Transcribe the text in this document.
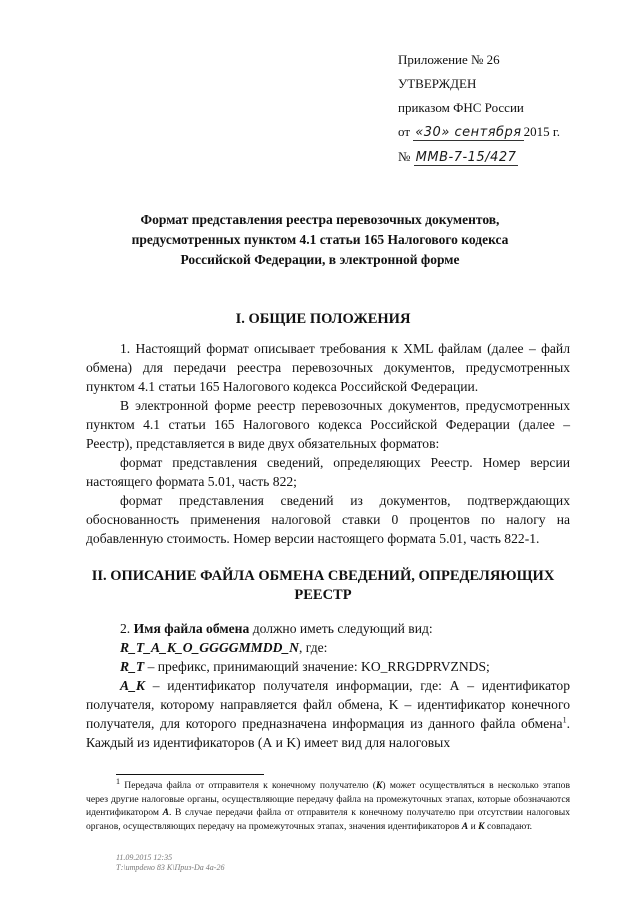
Приложение № 26
УТВЕРЖДЕН
приказом ФНС России
от «30» сентября 2015 г.
№ ММВ-7-15/427
Формат представления реестра перевозочных документов,
предусмотренных пунктом 4.1 статьи 165 Налогового кодекса
Российской Федерации, в электронной форме
I. ОБЩИЕ ПОЛОЖЕНИЯ

1. Настоящий формат описывает требования к XML файлам (далее – файл обмена) для передачи реестра перевозочных документов, предусмотренных пунктом 4.1 статьи 165 Налогового кодекса Российской Федерации.

В электронной форме реестр перевозочных документов, предусмотренных пунктом 4.1 статьи 165 Налогового кодекса Российской Федерации (далее – Реестр), представляется в виде двух обязательных форматов:

формат представления сведений, определяющих Реестр. Номер версии настоящего формата 5.01, часть 822;

формат представления сведений из документов, подтверждающих обоснованность применения налоговой ставки 0 процентов по налогу на добавленную стоимость. Номер версии настоящего формата 5.01, часть 822-1.

II. ОПИСАНИЕ ФАЙЛА ОБМЕНА СВЕДЕНИЙ, ОПРЕДЕЛЯЮЩИХ
РЕЕСТР

2. Имя файла обмена должно иметь следующий вид:

R_T_A_K_O_GGGGMMDD_N, где:

R_T – префикс, принимающий значение: KO_RRGDPRVZNDS;

A_K – идентификатор получателя информации, где: А – идентификатор получателя, которому направляется файл обмена, K – идентификатор конечного получателя, для которого предназначена информация из данного файла обмена$^1$. Каждый из идентификаторов (А и K) имеет вид для налоговых

$^1$ Передача файла от отправителя к конечному получателю (K) может осуществляться в несколько этапов через другие налоговые органы, осуществляющие передачу файла на промежуточных этапах, которые обозначаются идентификатором А. В случае передачи файла от отправителя к конечному получателю при отсутствии налоговых органов, осуществляющих передачу на промежуточных этапах, значения идентификаторов А и К совпадают.

11.09.2015 12:35
Т:\итрdено 83 К\Приз-Dа 4а-26
